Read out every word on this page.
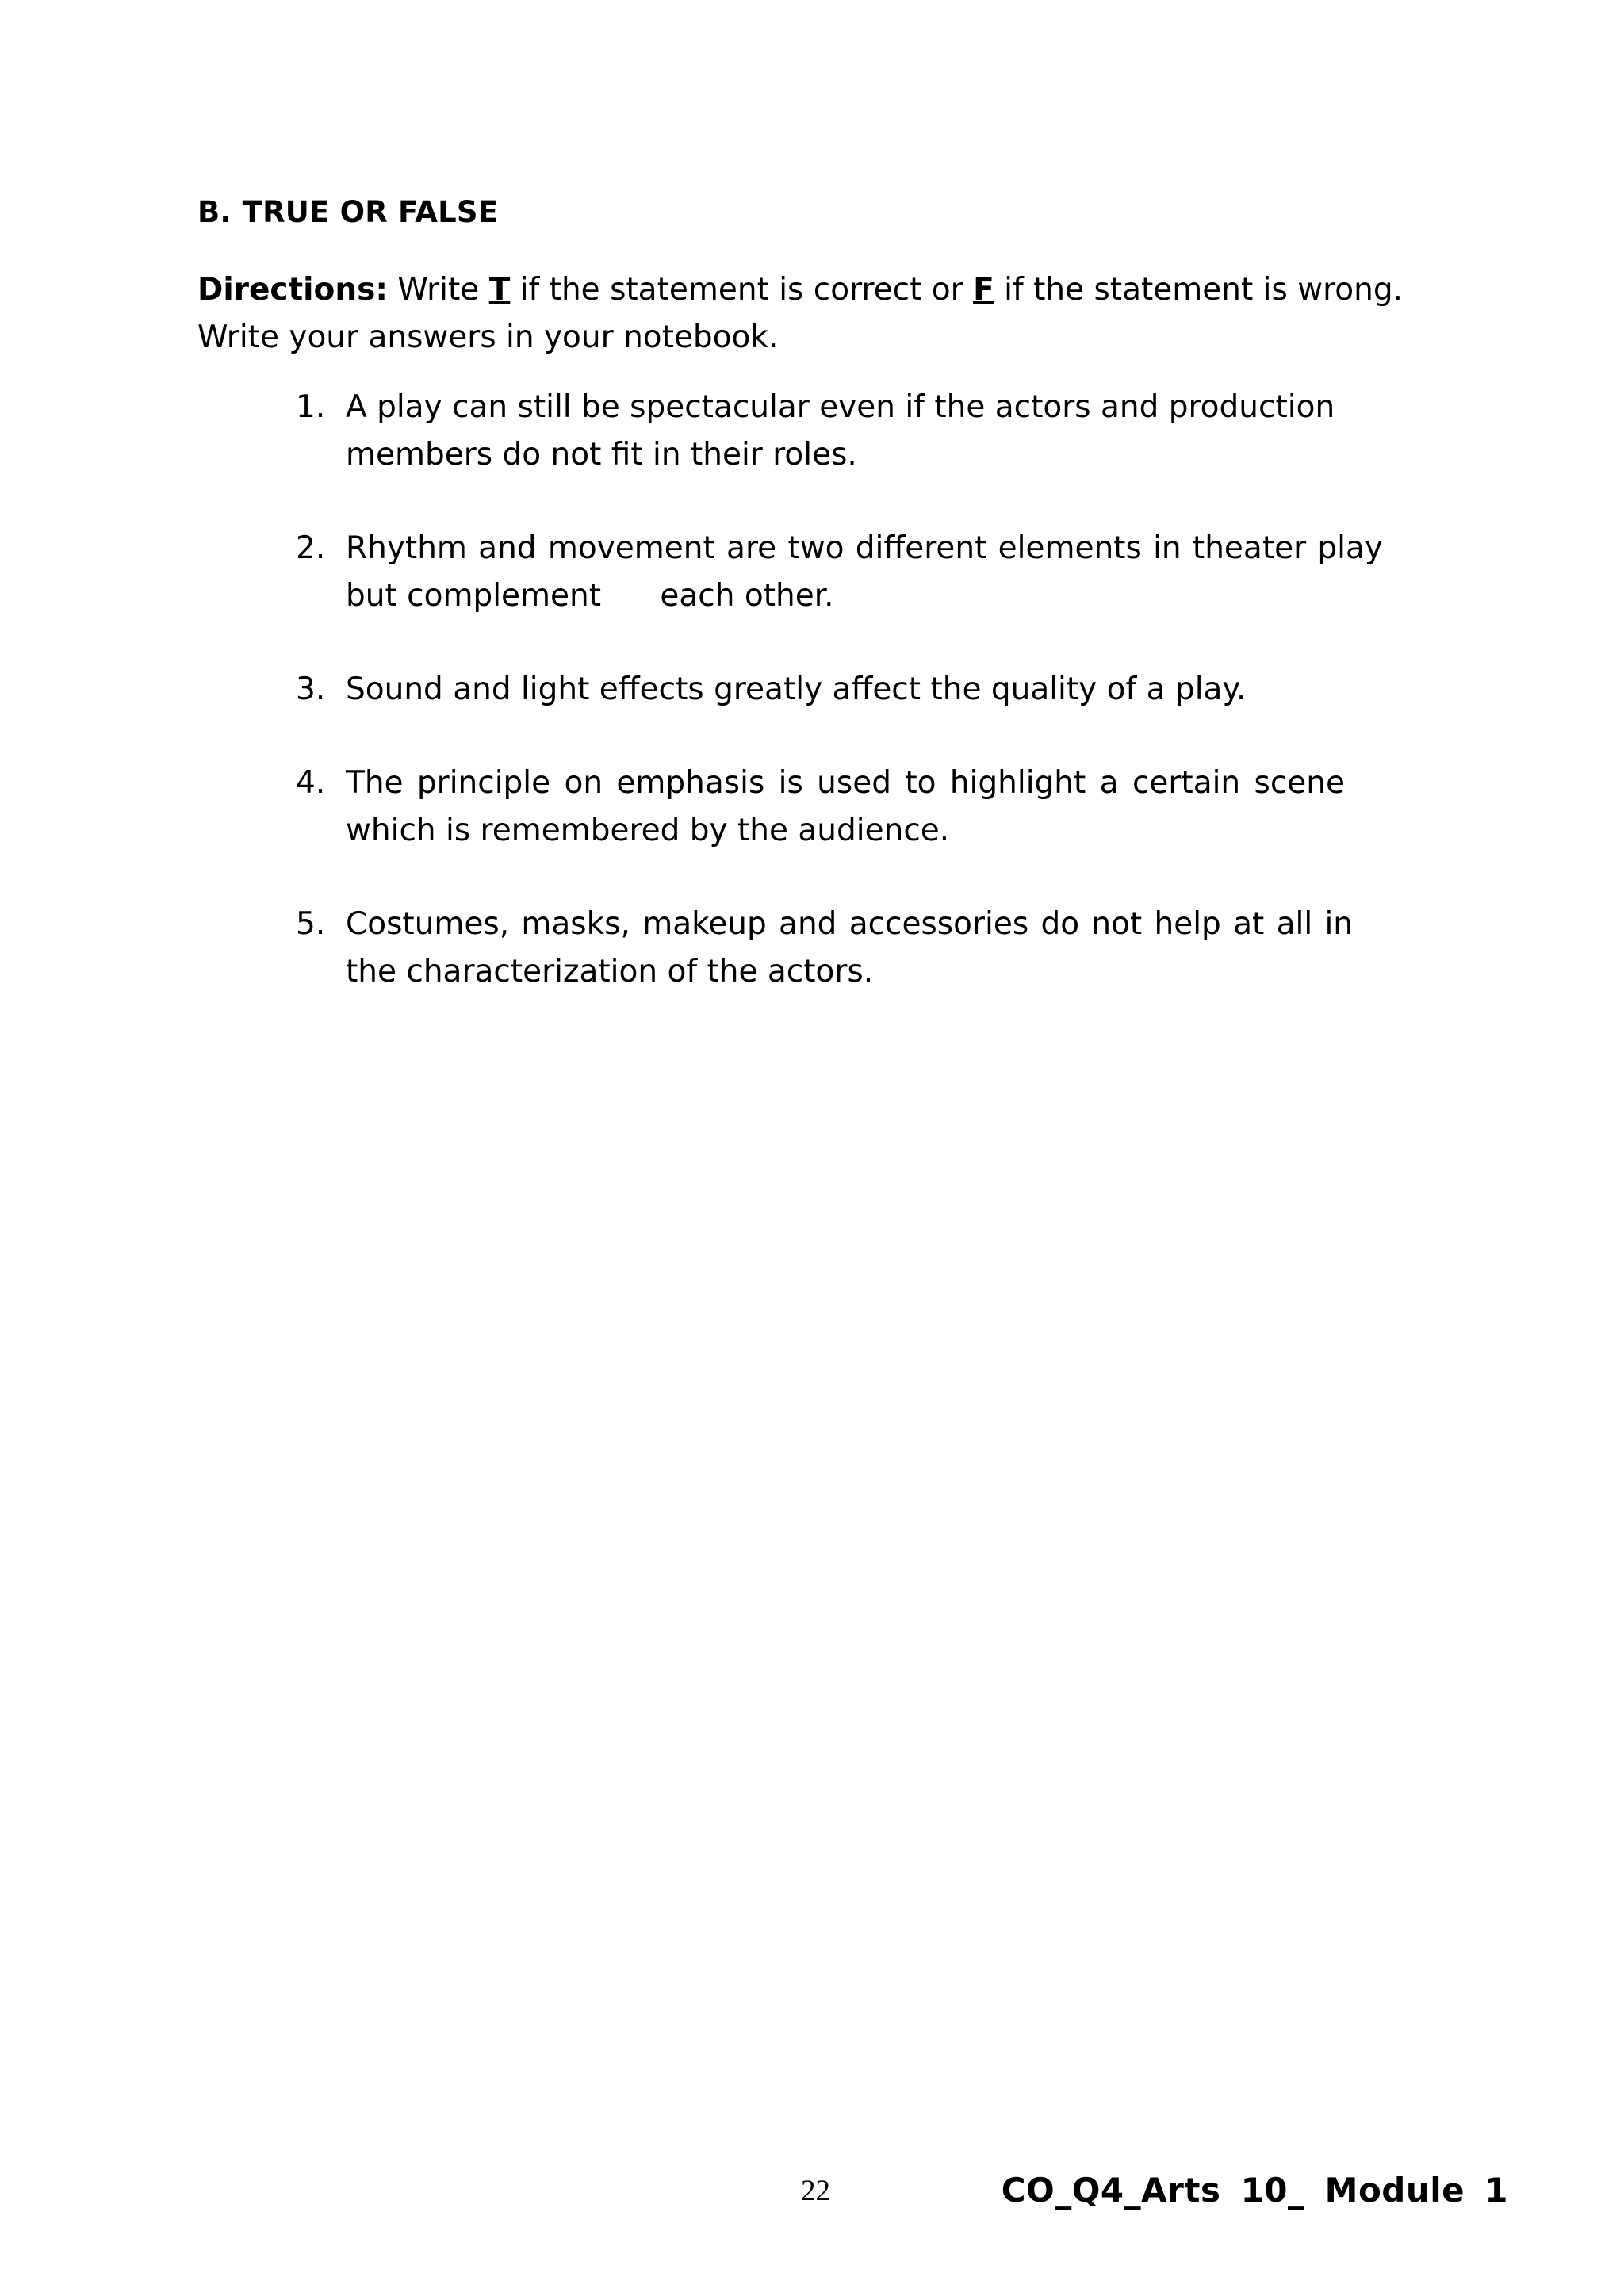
B. TRUE OR FALSE
Directions: Write T if the statement is correct or F if the statement is wrong. Write your answers in your notebook.
1. A play can still be spectacular even if the actors and production members do not fit in their roles.
2. Rhythm and movement are two different elements in theater play but complement      each other.
3. Sound and light effects greatly affect the quality of a play.
4. The principle on emphasis is used to highlight a certain scene which is remembered by the audience.
5. Costumes, masks, makeup and accessories do not help at all in the characterization of the actors.
22	CO_Q4_Arts 10_ Module 1
